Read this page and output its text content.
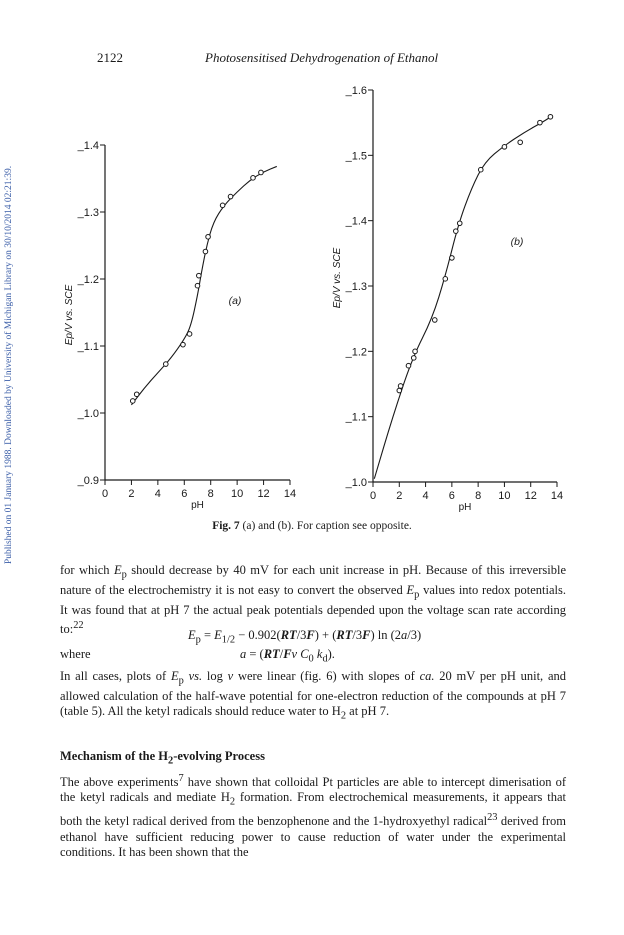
Published on 01 January 1988. Downloaded by University of Michigan Library on 30/10/2014 02:21:39.
2122	Photosensitised Dehydrogenation of Ethanol
0 2 4 6 8 10 12 14
_0.9
_1.0
_1.1
_1.2
_1.3
_1.4
pH
Ep/V vs. SCE	(a)
0 2 4 6 8 10 12 14
_1.0
_1.1
_1.2
_1.3
_1.4
_1.5
_1.6
pH
Ep/V vs. SCE
(b)
Fig. 7 (a) and (b). For caption see opposite.
for which $E_p$ should decrease by 40 mV for each unit increase in pH. Because of this irreversible nature of the electrochemistry it is not easy to convert the observed $E_p$ values into redox potentials. It was found that at pH 7 the actual peak potentials depended upon the voltage scan rate according to:$^{22}$
$E_p = E_{1/2} - 0.902(RT/3F) + (RT/3F)$ ln (2a/3)
where	a = (RT/Fv $C_0$ $k_d$).
In all cases, plots of $E_p$ vs. log v were linear (fig. 6) with slopes of ca. 20 mV per pH unit, and allowed calculation of the half-wave potential for one-electron reduction of the compounds at pH 7 (table 5). All the ketyl radicals should reduce water to $H_2$ at pH 7.
Mechanism of the $H_2$-evolving Process
The above experiments$^7$ have shown that colloidal Pt particles are able to intercept dimerisation of the ketyl radicals and mediate $H_2$ formation. From electrochemical measurements, it appears that both the ketyl radical derived from the benzophenone and the 1-hydroxyethyl radical$^{23}$ derived from ethanol have sufficient reducing power to cause reduction of water under the experimental conditions. It has been shown that the
